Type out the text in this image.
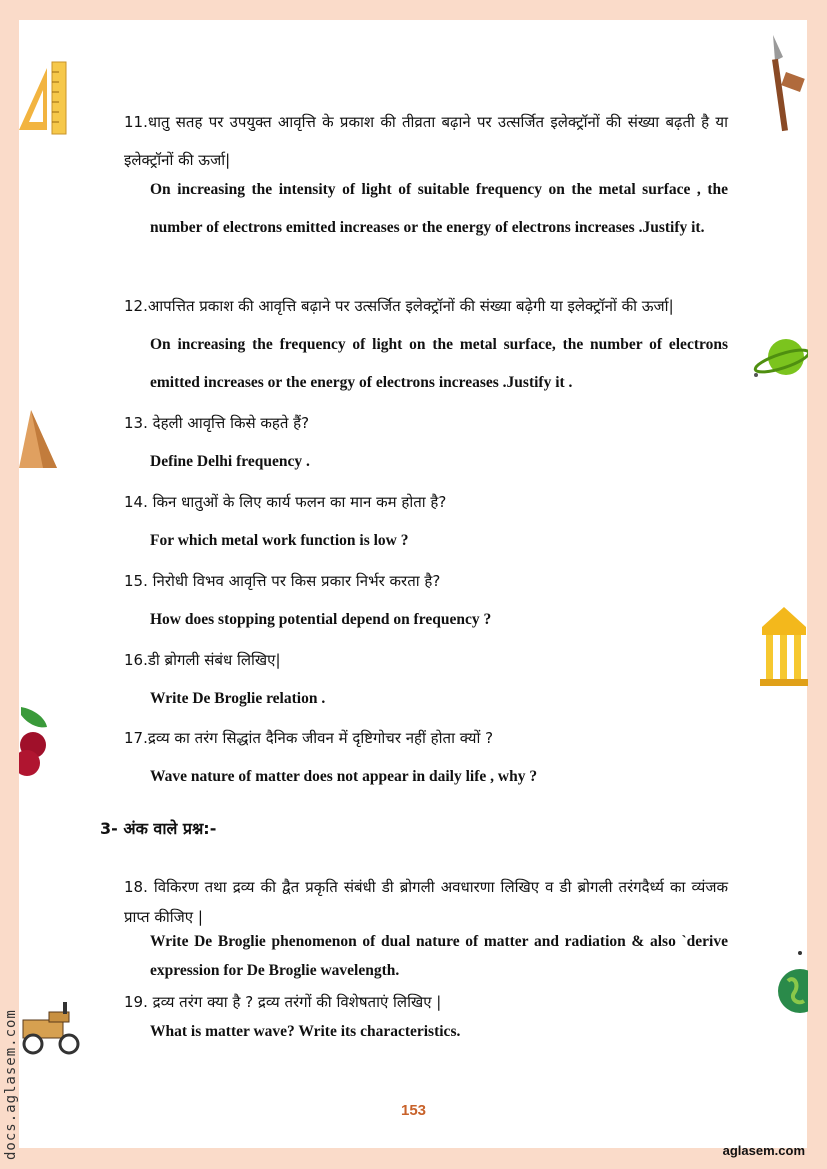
11.धातु सतह पर उपयुक्त आवृत्ति के प्रकाश की तीव्रता बढ़ाने पर उत्सर्जित इलेक्ट्रॉनों की संख्या बढ़ती है या इलेक्ट्रॉनों की ऊर्जा|

On increasing the intensity of light of suitable frequency on the metal surface , the number of electrons emitted increases or the energy of electrons increases .Justify it.

12.आपत्तित प्रकाश की आवृत्ति बढ़ाने पर उत्सर्जित इलेक्ट्रॉनों की संख्या बढ़ेगी या इलेक्ट्रॉनों की ऊर्जा|

On increasing the frequency of light on the metal surface, the number of electrons emitted increases or the energy of electrons increases .Justify it .

13. देहली आवृत्ति किसे कहते हैं?

Define Delhi frequency .

14. किन धातुओं के लिए कार्य फलन का मान कम होता है?

For which metal work function is low ?

15. निरोधी विभव आवृत्ति पर किस प्रकार निर्भर करता है?

How does stopping potential depend on frequency ?

16.डी ब्रोगली संबंध लिखिए|

Write De Broglie relation .

17.द्रव्य का तरंग सिद्धांत दैनिक जीवन में दृष्टिगोचर नहीं होता क्यों ?

Wave nature of matter does not appear in daily life , why ?

3- अंक वाले प्रश्न:-

18. विकिरण तथा द्रव्य की द्वैत प्रकृति संबंधी डी ब्रोगली अवधारणा लिखिए व डी ब्रोगली तरंगदैर्ध्य का व्यंजक प्राप्त कीजिए |

Write De Broglie phenomenon of dual nature of matter and radiation & also `derive expression for De Broglie wavelength.

19. द्रव्य तरंग क्या है ? द्रव्य तरंगों की विशेषताएं लिखिए |

What is matter wave? Write its characteristics.

153
aglasem.com
docs.aglasem.com
